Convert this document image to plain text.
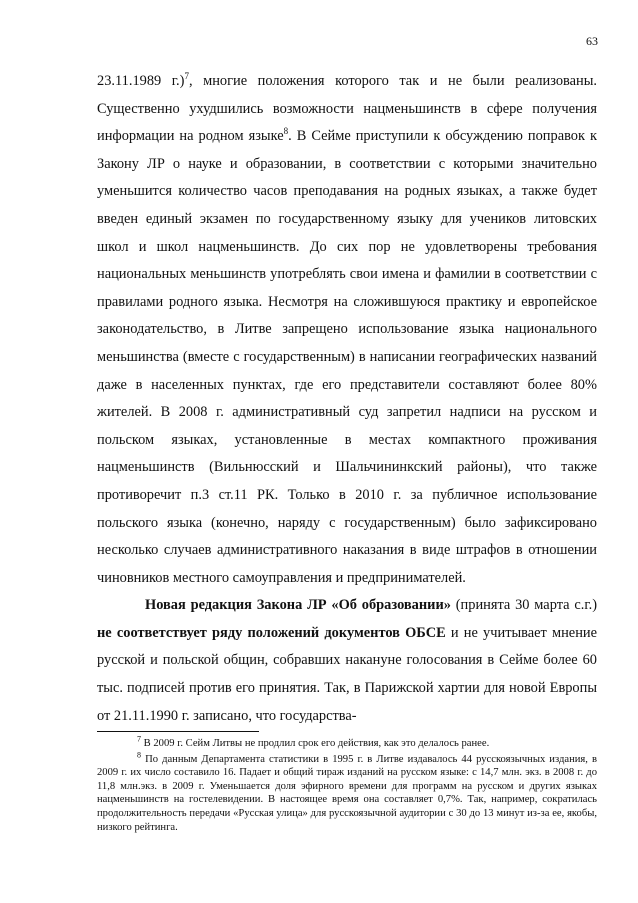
63

23.11.1989 г.)$^7$, многие положения которого так и не были реализованы. Существенно ухудшились возможности нацменьшинств в сфере получения информации на родном языке$^8$. В Сейме приступили к обсуждению поправок к Закону ЛР о науке и образовании, в соответствии с которыми значительно уменьшится количество часов преподавания на родных языках, а также будет введен единый экзамен по государственному языку для учеников литовских школ и школ нацменьшинств. До сих пор не удовлетворены требования национальных меньшинств употреблять свои имена и фамилии в соответствии с правилами родного языка. Несмотря на сложившуюся практику и европейское законодательство, в Литве запрещено использование языка национального меньшинства (вместе с государственным) в написании географических названий даже в населенных пунктах, где его представители составляют более 80% жителей. В 2008 г. административный суд запретил надписи на русском и польском языках, установленные в местах компактного проживания нацменьшинств (Вильнюсский и Шальчининкский районы), что также противоречит п.3 ст.11 РК. Только в 2010 г. за публичное использование польского языка (конечно, наряду с государственным) было зафиксировано несколько случаев административного наказания в виде штрафов в отношении чиновников местного самоуправления и предпринимателей.

Новая редакция Закона ЛР «Об образовании» (принята 30 марта с.г.) не соответствует ряду положений документов ОБСЕ и не учитывает мнение русской и польской общин, собравших накануне голосования в Сейме более 60 тыс. подписей против его принятия. Так, в Парижской хартии для новой Европы от 21.11.1990 г. записано, что государства-

$^7$ В 2009 г. Сейм Литвы не продлил срок его действия, как это делалось ранее.

$^8$ По данным Департамента статистики в 1995 г. в Литве издавалось 44 русскоязычных издания, в 2009 г. их число составило 16. Падает и общий тираж изданий на русском языке: с 14,7 млн. экз. в 2008 г. до 11,8 млн.экз. в 2009 г. Уменьшается доля эфирного времени для программ на русском и других языках нацменьшинств на гостелевидении. В настоящее время она составляет 0,7%. Так, например, сократилась продолжительность передачи «Русская улица» для русскоязычной аудитории с 30 до 13 минут из-за ее, якобы, низкого рейтинга.
